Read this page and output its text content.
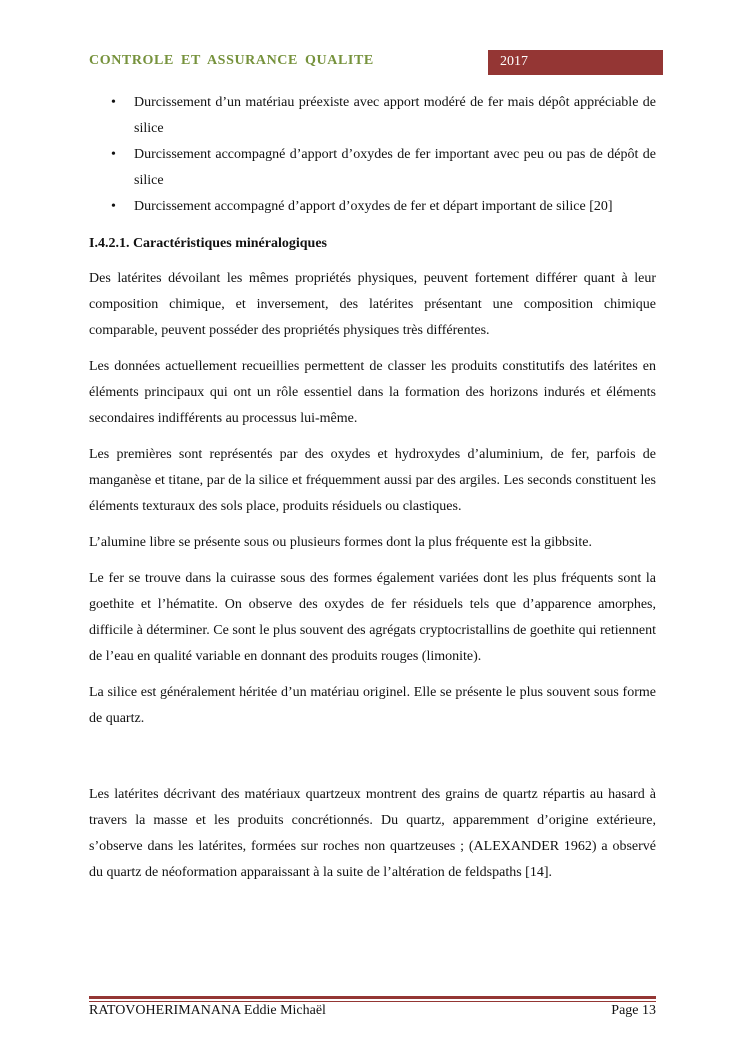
CONTROLE ET ASSURANCE QUALITE	2017
• Durcissement d’un matériau préexiste avec apport modéré de fer mais dépôt appréciable de silice
• Durcissement accompagné d’apport d’oxydes de fer important avec peu ou pas de dépôt de silice
• Durcissement accompagné d’apport d’oxydes de fer et départ important de silice [20]
I.4.2.1. Caractéristiques minéralogiques

Des latérites dévoilant les mêmes propriétés physiques, peuvent fortement différer quant à leur composition chimique, et inversement, des latérites présentant une composition chimique comparable, peuvent posséder des propriétés physiques très différentes.

Les données actuellement recueillies permettent de classer les produits constitutifs des latérites en éléments principaux qui ont un rôle essentiel dans la formation des horizons indurés et éléments secondaires indifférents au processus lui-même.

Les premières sont représentés par des oxydes et hydroxydes d’aluminium, de fer, parfois de manganèse et titane, par de la silice et fréquemment aussi par des argiles. Les seconds constituent les éléments texturaux des sols place, produits résiduels ou clastiques.

L’alumine libre se présente sous ou plusieurs formes dont la plus fréquente est la gibbsite.

Le fer se trouve dans la cuirasse sous des formes également variées dont les plus fréquents sont la goethite et l’hématite. On observe des oxydes de fer résiduels tels que d’apparence amorphes, difficile à déterminer. Ce sont le plus souvent des agrégats cryptocristallins de goethite qui retiennent de l’eau en qualité variable en donnant des produits rouges (limonite).

La silice est généralement héritée d’un matériau originel. Elle se présente le plus souvent sous forme de quartz.

Les latérites décrivant des matériaux quartzeux montrent des grains de quartz répartis au hasard à travers la masse et les produits concrétionnés. Du quartz, apparemment d’origine extérieure, s’observe dans les latérites, formées sur roches non quartzeuses ; (ALEXANDER 1962) a observé du quartz de néoformation apparaissant à la suite de l’altération de feldspaths [14].

RATOVOHERIMANANA Eddie Michaël	Page 13
